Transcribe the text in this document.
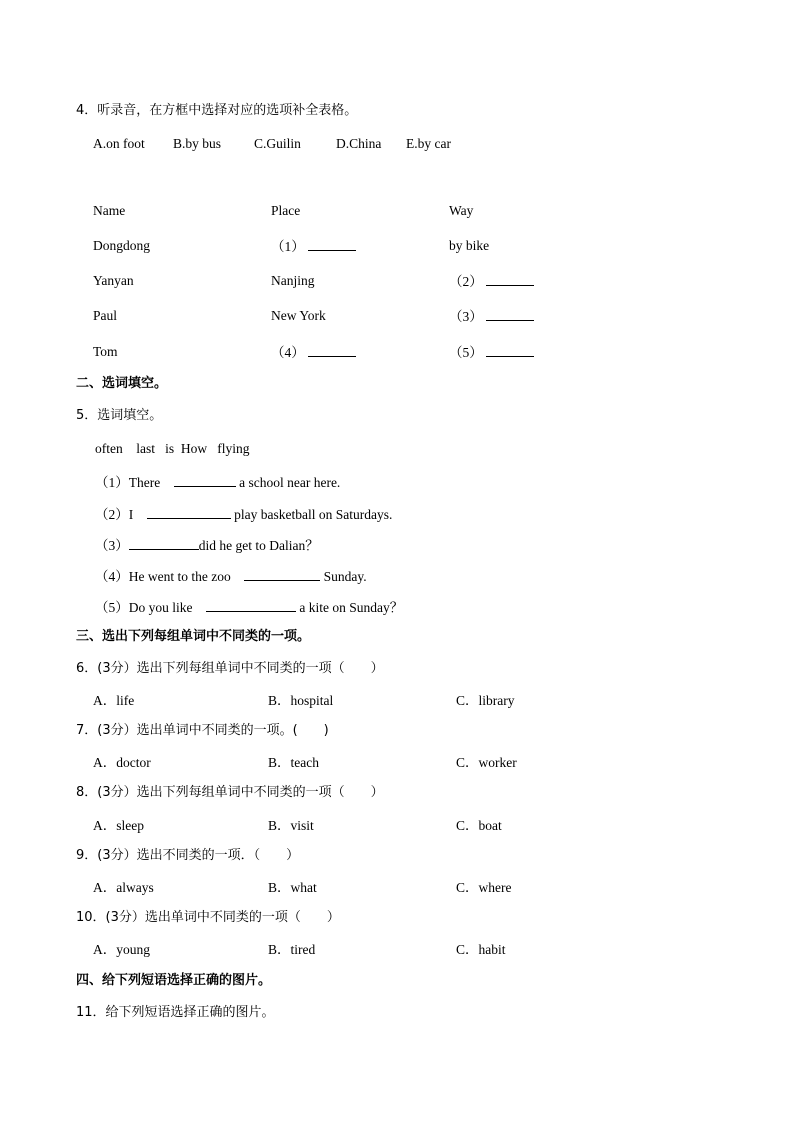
4．听录音，在方框中选择对应的选项补全表格。
A.on foot B.by bus C.Guilin	D.China E.by car
Name	Place	Way
Dongdong	（1）	by bike
Yanyan	Nanjing	（2）
Paul	New York	（3）
Tom	（4）	（5）
二、选词填空。
5．选词填空。
often last is How flying
（1）There	a school near here.
（2）I	play basketball on Saturdays.
（3）	did he get to Dalian？
（4）He went to the zoo	Sunday.
（5）Do you like	a kite on Sunday？
三、选出下列每组单词中不同类的一项。
6．(3分）选出下列每组单词中不同类的一项（　　）
A．life	B．hospital	C．library
7．(3分）选出单词中不同类的一项。(　　)
A．doctor	B．teach	C．worker
8．(3分）选出下列每组单词中不同类的一项（　　）
A．sleep	B．visit	C．boat
9．(3分）选出不同类的一项．（　　）
A．always	B．what	C．where
10．(3分）选出单词中不同类的一项（　　）
A．young	B．tired	C．habit
四、给下列短语选择正确的图片。
11．给下列短语选择正确的图片。
